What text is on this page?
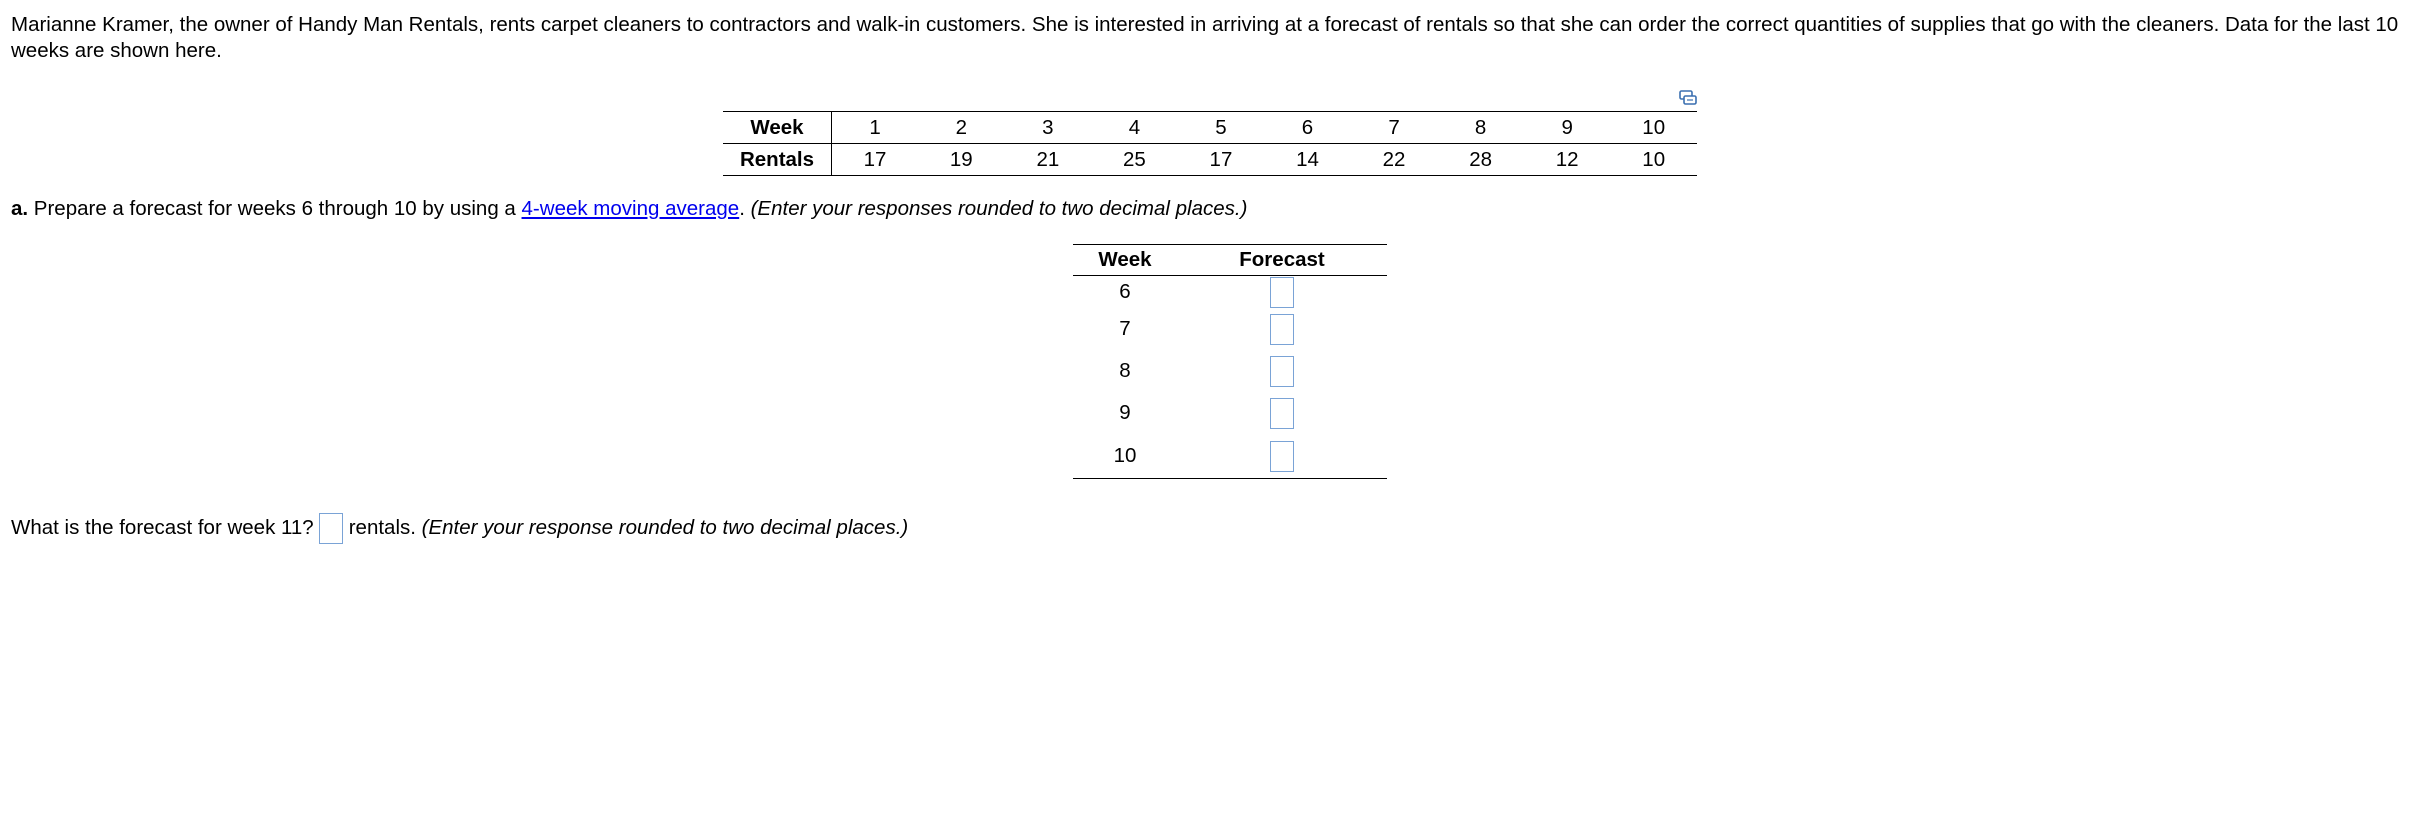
Marianne Kramer, the owner of Handy Man Rentals, rents carpet cleaners to contractors and walk-in customers. She is interested in arriving at a forecast of rentals so that she can order the correct quantities of supplies that go with the cleaners. Data for the last 10 weeks are shown here.
Week	1	2	3	4	5	6	7	8	9	10
Rentals	17	19	21	25	17	14	22	28	12	10
a. Prepare a forecast for weeks 6 through 10 by using a 4-week moving average. (Enter your responses rounded to two decimal places.)
Week	Forecast
6	
7	
8	
9	
10	
What is the forecast for week 11? rentals. (Enter your response rounded to two decimal places.)
